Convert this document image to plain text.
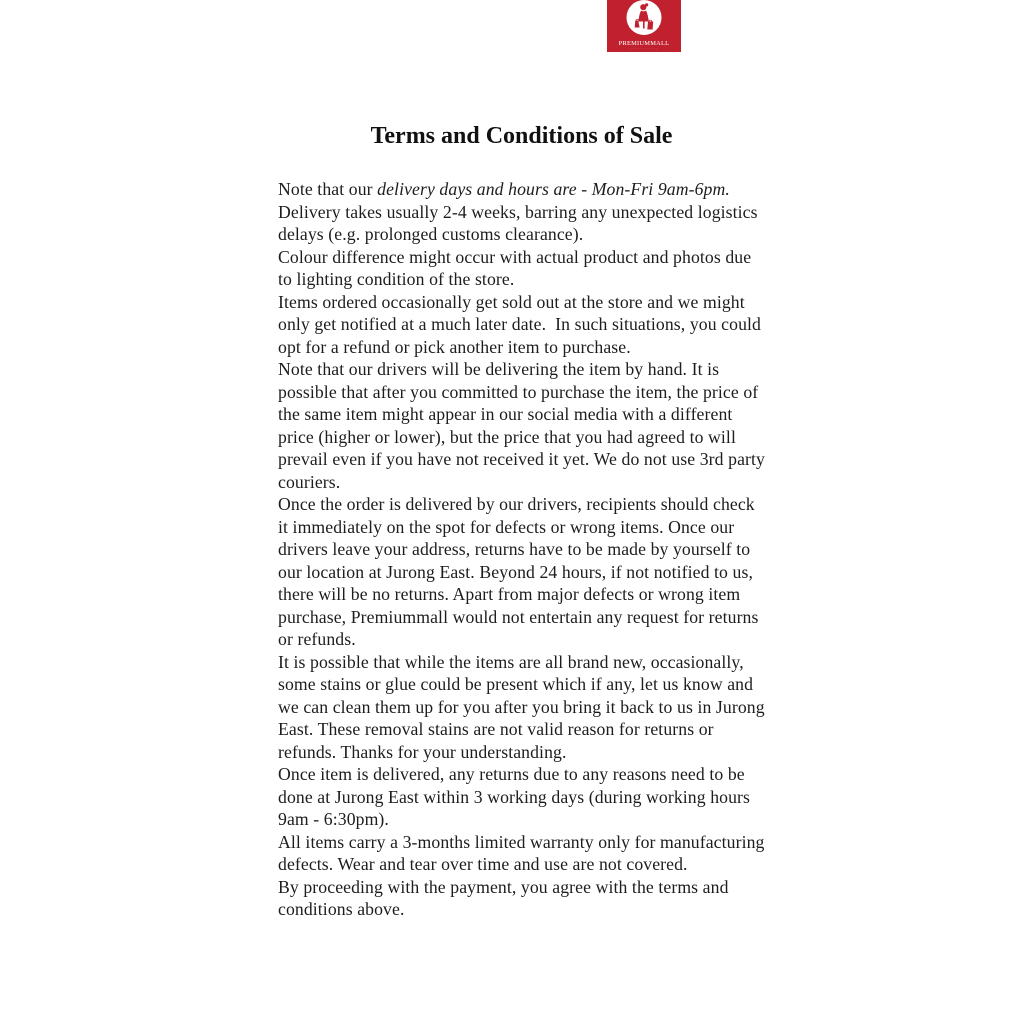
PREMIUMMALL
· · · · · · · · · ·
Terms and Conditions of Sale

Note that our delivery days and hours are - Mon-Fri 9am-6pm.

Delivery takes usually 2-4 weeks, barring any unexpected logistics delays (e.g. prolonged customs clearance).

Colour difference might occur with actual product and photos due to lighting condition of the store.

Items ordered occasionally get sold out at the store and we might only get notified at a much later date.  In such situations, you could opt for a refund or pick another item to purchase.

Note that our drivers will be delivering the item by hand. It is possible that after you committed to purchase the item, the price of the same item might appear in our social media with a different price (higher or lower), but the price that you had agreed to will prevail even if you have not received it yet. We do not use 3rd party couriers.

Once the order is delivered by our drivers, recipients should check it immediately on the spot for defects or wrong items. Once our drivers leave your address, returns have to be made by yourself to our location at Jurong East. Beyond 24 hours, if not notified to us, there will be no returns. Apart from major defects or wrong item purchase, Premiummall would not entertain any request for returns or refunds.

It is possible that while the items are all brand new, occasionally, some stains or glue could be present which if any, let us know and we can clean them up for you after you bring it back to us in Jurong East. These removal stains are not valid reason for returns or refunds. Thanks for your understanding.

Once item is delivered, any returns due to any reasons need to be done at Jurong East within 3 working days (during working hours 9am - 6:30pm).

All items carry a 3-months limited warranty only for manufacturing defects. Wear and tear over time and use are not covered.

By proceeding with the payment, you agree with the terms and conditions above.
